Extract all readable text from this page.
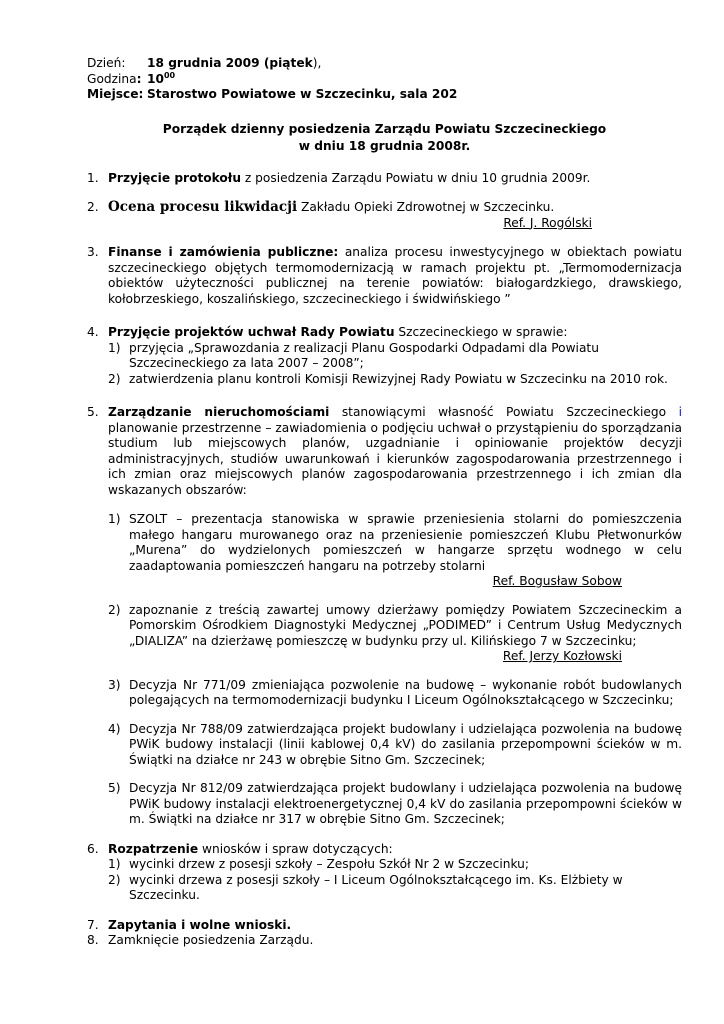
Dzień:	18 grudnia 2009 (piątek ),
Godzina: $10^{00}$
Miejsce: Starostwo Powiatowe w Szczecinku, sala 202
Porządek dzienny posiedzenia Zarządu Powiatu Szczecineckiego
w dniu 18 grudnia 2008r.
1. Przyjęcie protokołu z posiedzenia Zarządu Powiatu w dniu 10 grudnia 2009r.
2. Ocena procesu likwidacji Zakładu Opieki Zdrowotnej w Szczecinku.
Ref. J. Rogólski
3. Finanse i zamówienia publiczne: analiza procesu inwestycyjnego w obiektach powiatu szczecineckiego objętych termomodernizacją w ramach projektu pt. „Termomodernizacja obiektów użyteczności publicznej na terenie powiatów: białogardzkiego, drawskiego, kołobrzeskiego, koszalińskiego, szczecineckiego i świdwińskiego ”
4. Przyjęcie projektów uchwał Rady Powiatu Szczecineckiego w sprawie:
1) przyjęcia „Sprawozdania z realizacji Planu Gospodarki Odpadami dla Powiatu Szczecineckiego za lata 2007 – 2008”;
2) zatwierdzenia planu kontroli Komisji Rewizyjnej Rady Powiatu w Szczecinku na 2010 rok.
5. Zarządzanie nieruchomościami stanowiącymi własność Powiatu Szczecineckiego i planowanie przestrzenne – zawiadomienia o podjęciu uchwał o przystąpieniu do sporządzania studium lub miejscowych planów, uzgadnianie i opiniowanie projektów decyzji administracyjnych, studiów uwarunkowań i kierunków zagospodarowania przestrzennego i ich zmian oraz miejscowych planów zagospodarowania przestrzennego i ich zmian dla wskazanych obszarów:
1) SZOLT – prezentacja stanowiska w sprawie przeniesienia stolarni do pomieszczenia małego hangaru murowanego oraz na przeniesienie pomieszczeń Klubu Płetwonurków „Murena” do wydzielonych pomieszczeń w hangarze sprzętu wodnego w celu zaadaptowania pomieszczeń hangaru na potrzeby stolarni
Ref. Bogusław Sobow
2) zapoznanie z treścią zawartej umowy dzierżawy pomiędzy Powiatem Szczecineckim a Pomorskim Ośrodkiem Diagnostyki Medycznej „PODIMED” i Centrum Usług Medycznych „DIALIZA” na dzierżawę pomieszczę w budynku przy ul. Kilińskiego 7 w Szczecinku;
Ref. Jerzy Kozłowski
3) Decyzja Nr 771/09 zmieniająca pozwolenie na budowę – wykonanie robót budowlanych polegających na termomodernizacji budynku I Liceum Ogólnokształcącego w Szczecinku;
4) Decyzja Nr 788/09 zatwierdzająca projekt budowlany i udzielająca pozwolenia na budowę PWiK budowy instalacji (linii kablowej 0,4 kV) do zasilania przepompowni ścieków w m. Świątki na działce nr 243 w obrębie Sitno Gm. Szczecinek;
5) Decyzja Nr 812/09 zatwierdzająca projekt budowlany i udzielająca pozwolenia na budowę PWiK budowy instalacji elektroenergetycznej 0,4 kV do zasilania przepompowni ścieków w m. Świątki na działce nr 317 w obrębie Sitno Gm. Szczecinek;
6. Rozpatrzenie wniosków i spraw dotyczących:
1) wycinki drzew z posesji szkoły – Zespołu Szkół Nr 2 w Szczecinku;
2) wycinki drzewa z posesji szkoły – I Liceum Ogólnokształcącego im. Ks. Elżbiety w Szczecinku.
7. Zapytania i wolne wnioski.
8. Zamknięcie posiedzenia Zarządu.
